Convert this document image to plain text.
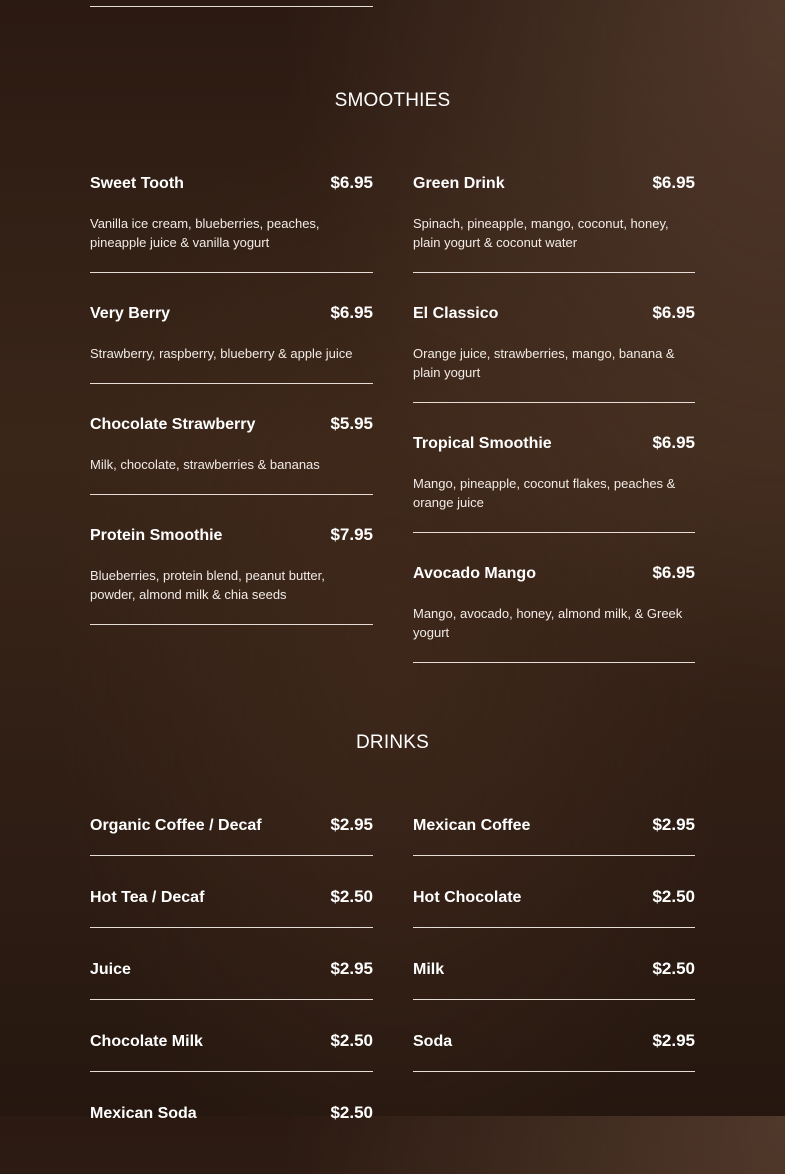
SMOOTHIES
Sweet Tooth	$6.95
Vanilla ice cream, blueberries, peaches, pineapple juice & vanilla yogurt
Very Berry	$6.95
Strawberry, raspberry, blueberry & apple juice
Chocolate Strawberry	$5.95
Milk, chocolate, strawberries & bananas
Protein Smoothie	$7.95
Blueberries, protein blend, peanut butter, powder, almond milk & chia seeds
Green Drink	$6.95
Spinach, pineapple, mango, coconut, honey, plain yogurt & coconut water
El Classico	$6.95
Orange juice, strawberries, mango, banana & plain yogurt
Tropical Smoothie	$6.95
Mango, pineapple, coconut flakes, peaches & orange juice
Avocado Mango	$6.95
Mango, avocado, honey, almond milk, & Greek yogurt
DRINKS
Organic Coffee / Decaf	$2.95
Hot Tea / Decaf	$2.50
Juice	$2.95
Chocolate Milk	$2.50
Mexican Soda	$2.50
Mexican Coffee	$2.95
Hot Chocolate	$2.50
Milk	$2.50
Soda	$2.95
